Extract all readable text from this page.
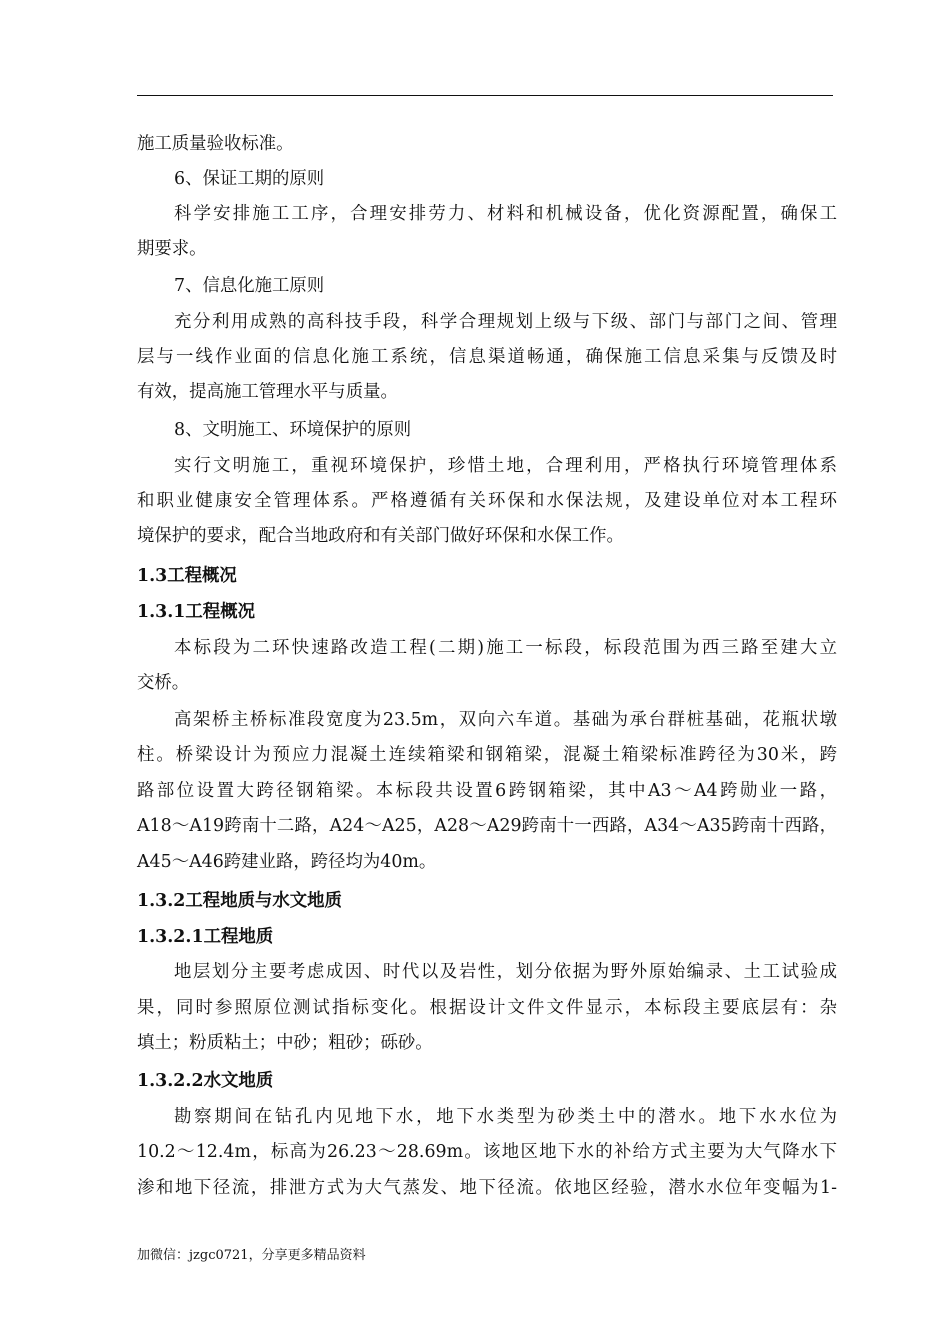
施工质量验收标准。
6、保证工期的原则
科学安排施工工序，合理安排劳力、材料和机械设备，优化资源配置，确保工
期要求。
7、信息化施工原则
充分利用成熟的高科技手段，科学合理规划上级与下级、部门与部门之间、管理
层与一线作业面的信息化施工系统，信息渠道畅通，确保施工信息采集与反馈及时
有效，提高施工管理水平与质量。
8、文明施工、环境保护的原则
实行文明施工，重视环境保护，珍惜土地，合理利用，严格执行环境管理体系
和职业健康安全管理体系。严格遵循有关环保和水保法规，及建设单位对本工程环
境保护的要求，配合当地政府和有关部门做好环保和水保工作。
1.3工程概况
1.3.1工程概况
本标段为二环快速路改造工程(二期)施工一标段，标段范围为西三路至建大立
交桥。
高架桥主桥标准段宽度为23.5m，双向六车道。基础为承台群桩基础，花瓶状墩
柱。桥梁设计为预应力混凝土连续箱梁和钢箱梁，混凝土箱梁标准跨径为30米，跨
路部位设置大跨径钢箱梁。本标段共设置6跨钢箱梁，其中A3～A4跨勋业一路，
A18～A19跨南十二路，A24～A25，A28～A29跨南十一西路，A34～A35跨南十西路，
A45～A46跨建业路，跨径均为40m。
1.3.2工程地质与水文地质
1.3.2.1工程地质
地层划分主要考虑成因、时代以及岩性，划分依据为野外原始编录、土工试验成
果，同时参照原位测试指标变化。根据设计文件文件显示，本标段主要底层有：杂
填土；粉质粘土；中砂；粗砂；砾砂。
1.3.2.2水文地质
勘察期间在钻孔内见地下水，地下水类型为砂类土中的潜水。地下水水位为
10.2～12.4m，标高为26.23～28.69m。该地区地下水的补给方式主要为大气降水下
渗和地下径流，排泄方式为大气蒸发、地下径流。依地区经验，潜水水位年变幅为1-
加微信：jzgc0721，分享更多精品资料
